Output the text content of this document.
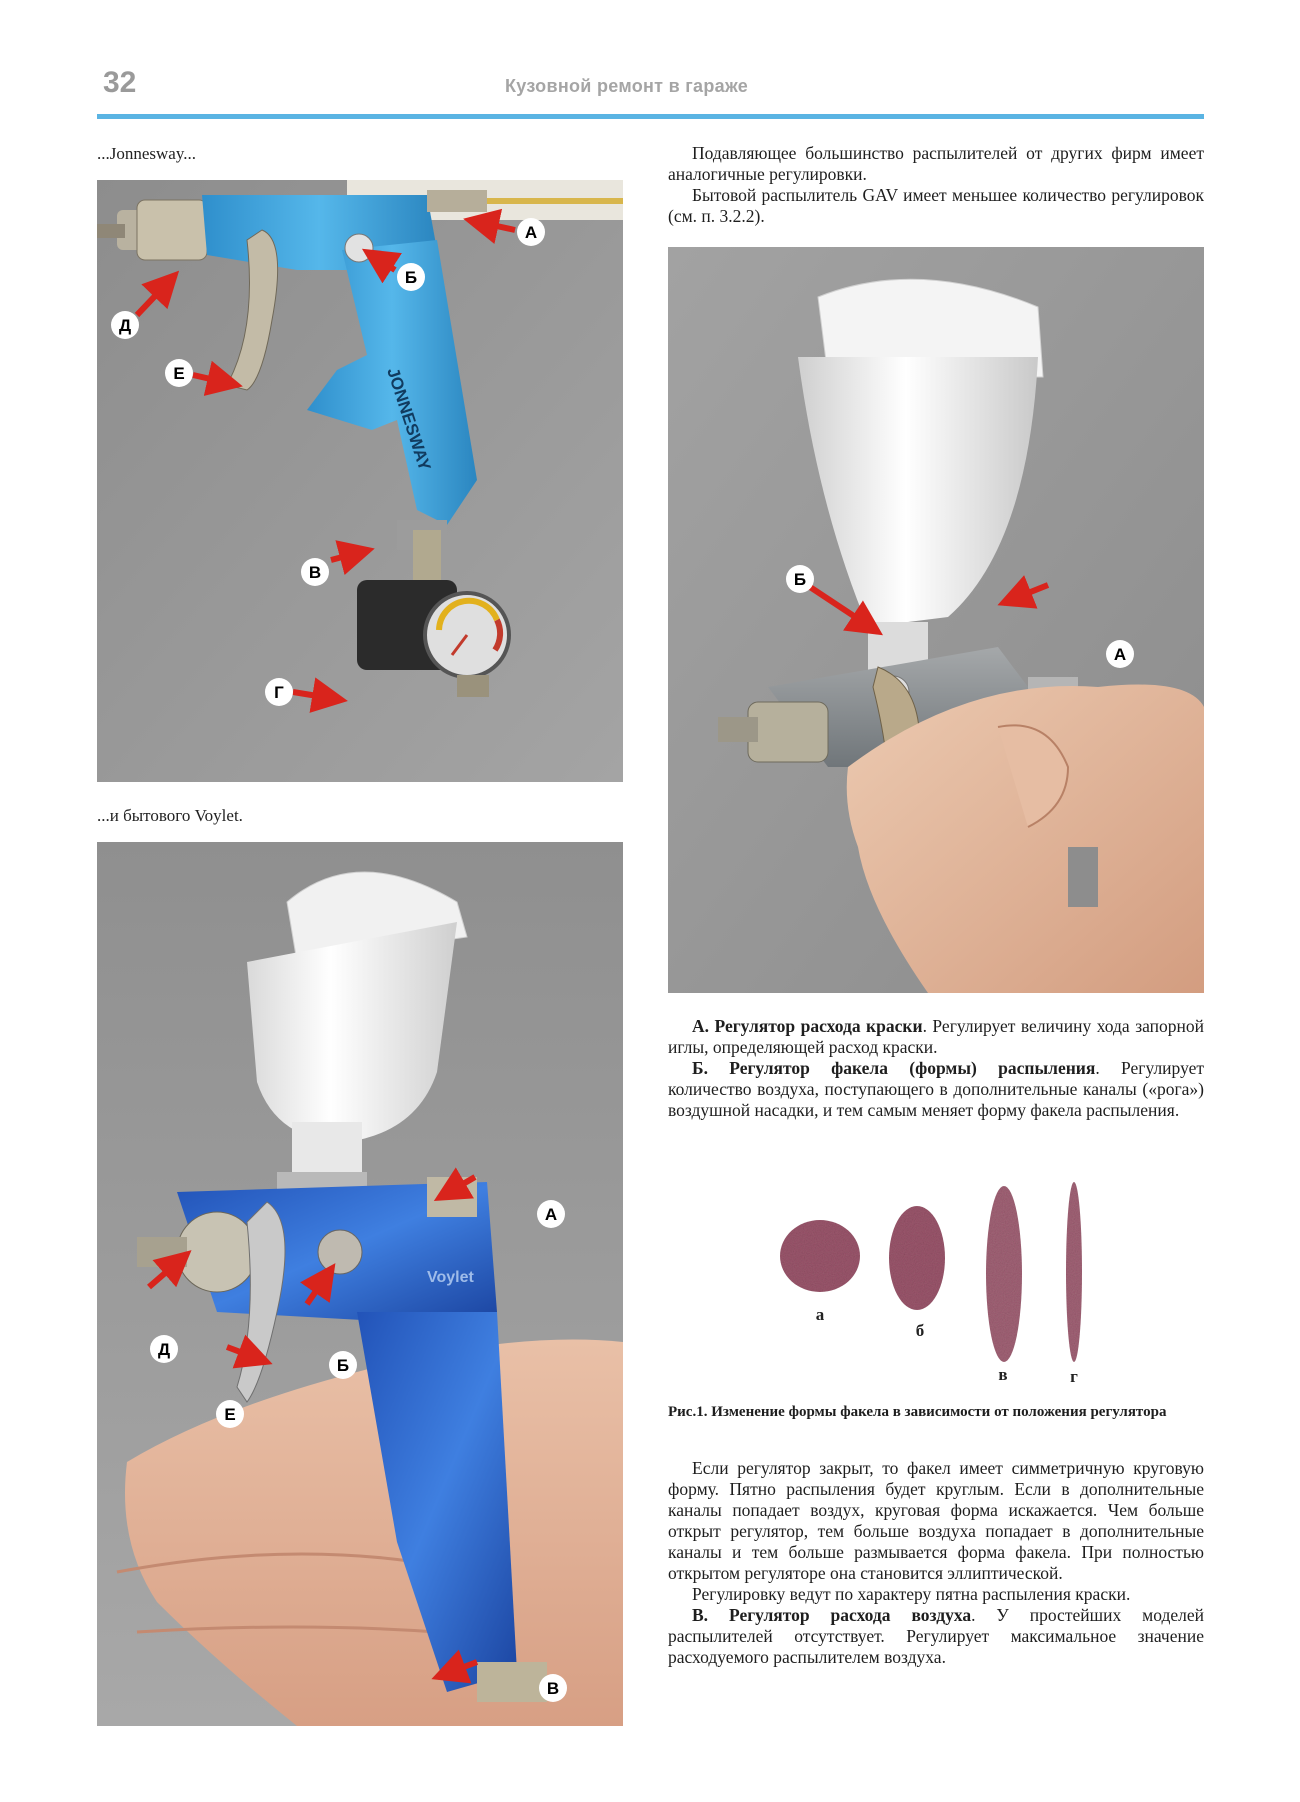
32	Кузовной ремонт в гараже
...Jonnesway...
...и бытового Voylet.
JONNESWAY
А
Б
Д
Е
В
Г
Voylet
А
Д
Б
Е
В

Подавляющее большинство распылителей от других фирм имеет аналогичные регулировки.

Бытовой распылитель GAV имеет меньшее количество регулировок (см. п. 3.2.2).

Б
А

А. Регулятор расхода краски. Регулирует величину хода запорной иглы, определяющей расход краски.

Б. Регулятор факела (формы) распыления. Регулирует количество воздуха, поступающего в дополнительные каналы («рога») воздушной насадки, и тем самым меняет форму факела распыления.

а
б
в	г
Рис.1. Изменение формы факела в зависимости от положения регулятора

Если регулятор закрыт, то факел имеет симметричную круговую форму. Пятно распыления будет круглым. Если в дополнительные каналы попадает воздух, круговая форма искажается. Чем больше открыт регулятор, тем больше воздуха попадает в дополнительные каналы и тем больше размывается форма факела. При полностью открытом регуляторе она становится эллиптической.

Регулировку ведут по характеру пятна распыления краски.

В. Регулятор расхода воздуха. У простейших моделей распылителей отсутствует. Регулирует максимальное значение расходуемого распылителем воздуха.
